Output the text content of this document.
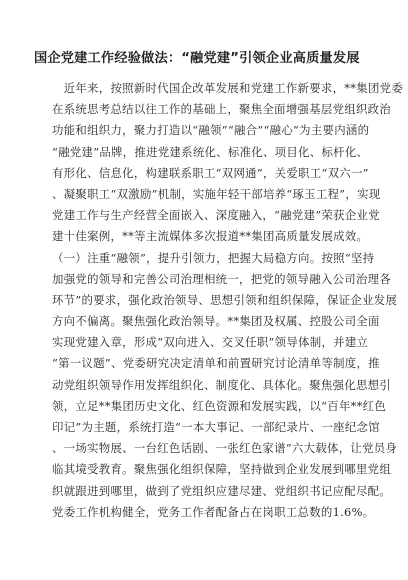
国企党建工作经验做法：“融党建”引领企业高质量发展
　近年来，按照新时代国企改革发展和党建工作新要求，**集团党委
在系统思考总结以往工作的基础上，聚焦全面增强基层党组织政治
功能和组织力，聚力打造以“融领”“融合”“融心”为主要内涵的
“融党建”品牌，推进党建系统化、标准化、项目化、标杆化、
有形化、信息化，构建联系职工“双网通”，关爱职工“双六一”
、凝聚职工“双激励”机制，实施年轻干部培养“琢玉工程”，实现
党建工作与生产经营全面嵌入、深度融入，“融党建”荣获企业党
建十佳案例，**等主流媒体多次报道**集团高质量发展成效。
（一）注重“融领”，提升引领力，把握大局稳方向。按照“坚持
加强党的领导和完善公司治理相统一，把党的领导融入公司治理各
环节”的要求，强化政治领导、思想引领和组织保障，保证企业发展
方向不偏离。聚焦强化政治领导。**集团及权属、控股公司全面
实现党建入章，形成“双向进入、交叉任职”领导体制，并建立
“第一议题”、党委研究决定清单和前置研究讨论清单等制度，推
动党组织领导作用发挥组织化、制度化、具体化。聚焦强化思想引
领，立足**集团历史文化、红色资源和发展实践，以“百年**红色
印记”为主题，系统打造“一本大事记、一部纪录片、一座纪念馆
、一场实物展、一台红色话剧、一张红色家谱”六大载体，让党员身
临其境受教育。聚焦强化组织保障，坚持做到企业发展到哪里党组
织就跟进到哪里，做到了党组织应建尽建、党组织书记应配尽配。
党委工作机构健全，党务工作者配备占在岗职工总数的1.6%。
